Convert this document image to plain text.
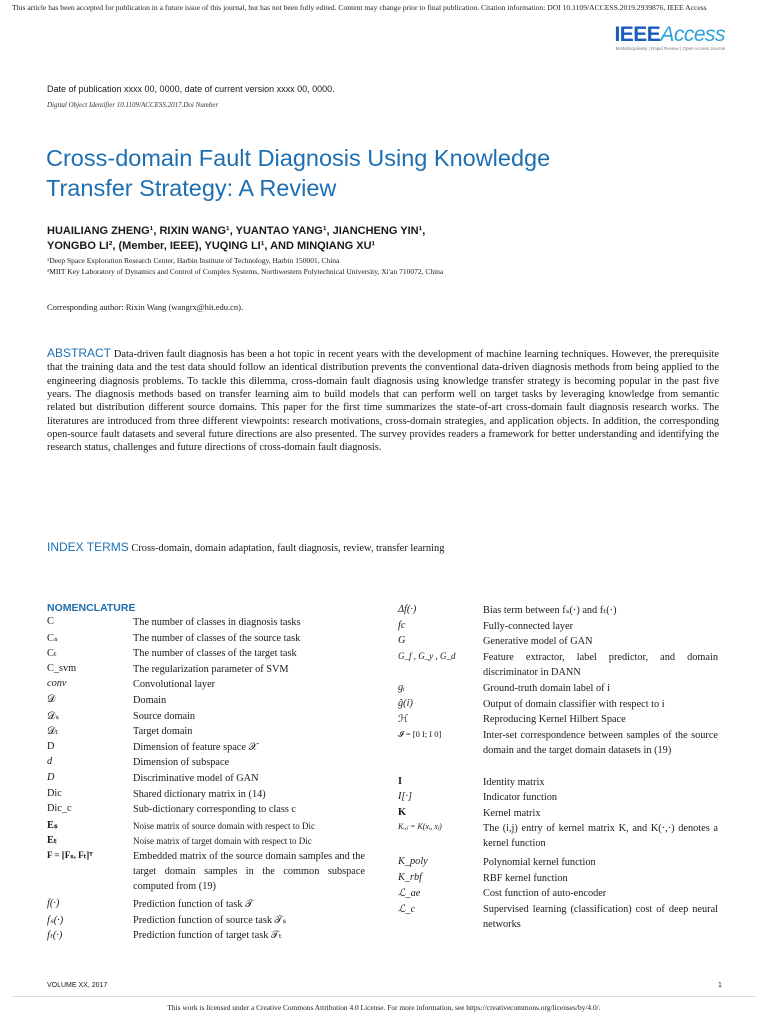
This article has been accepted for publication in a future issue of this journal, but has not been fully edited. Content may change prior to final publication. Citation information: DOI 10.1109/ACCESS.2019.2939876, IEEE Access
IEEEAccess
Multidisciplinary | Rapid Review | Open Access Journal
Date of publication xxxx 00, 0000, date of current version xxxx 00, 0000.
Digital Object Identifier 10.1109/ACCESS.2017.Doi Number
Cross-domain Fault Diagnosis Using Knowledge
Transfer Strategy: A Review
HUAILIANG ZHENG¹, RIXIN WANG¹, YUANTAO YANG¹, JIANCHENG YIN¹,
YONGBO LI², (Member, IEEE), YUQING LI¹, AND MINQIANG XU¹
¹Deep Space Exploration Research Center, Harbin Institute of Technology, Harbin 150001, China
²MIIT Key Laboratory of Dynamics and Control of Complex Systems, Northwestern Polytechnical University, Xi'an 710072, China
Corresponding author: Rixin Wang (wangrx@hit.edu.cn).
ABSTRACT Data-driven fault diagnosis has been a hot topic in recent years with the development of machine learning techniques. However, the prerequisite that the training data and the test data should follow an identical distribution prevents the conventional data-driven diagnosis methods from being applied to the engineering diagnosis problems. To tackle this dilemma, cross-domain fault diagnosis using knowledge transfer strategy is becoming popular in the past five years. The diagnosis methods based on transfer learning aim to build models that can perform well on target tasks by leveraging knowledge from semantic related but distribution different source domains. This paper for the first time summarizes the state-of-art cross-domain fault diagnosis research works. The literatures are introduced from three different viewpoints: research motivations, cross-domain strategies, and application objects. In addition, the corresponding open-source fault datasets and several future directions are also presented. The survey provides readers a framework for better understanding and identifying the research status, challenges and future directions of cross-domain fault diagnosis.
INDEX TERMS Cross-domain, domain adaptation, fault diagnosis, review, transfer learning
NOMENCLATURE
C	The number of classes in diagnosis tasks
Cₛ	The number of classes of the source task
Cₜ	The number of classes of the target task
C_svm	The regularization parameter of SVM
conv	Convolutional layer
𝒟	Domain
𝒟ₛ	Source domain
𝒟ₜ	Target domain
D	Dimension of feature space 𝒳
d	Dimension of subspace
D	Discriminative model of GAN
Dic	Shared dictionary matrix in (14)
Dic_c	Sub-dictionary corresponding to class c
Eₛ	Noise matrix of source domain with respect to Dic
Eₜ	Noise matrix of target domain with respect to Dic
F = [Fₛ, Fₜ]ᵀ	Embedded matrix of the source domain samples and the target domain samples in the common subspace computed from (19)
f(·)	Prediction function of task 𝒯
fₛ(·)	Prediction function of source task 𝒯ₛ
fₜ(·)	Prediction function of target task 𝒯ₜ
Δf(·)	Bias term between fₛ(·) and fₜ(·)
fc	Fully-connected layer
G	Generative model of GAN
G_f , G_y , G_d	Feature extractor, label predictor, and domain discriminator in DANN
gᵢ	Ground-truth domain label of i
ĝ(i)	Output of domain classifier with respect to i
ℋ	Reproducing Kernel Hilbert Space
𝓘 = [0 I; I 0]	Inter-set correspondence between samples of the source domain and the target domain datasets in (19)
I	Identity matrix
I[·]	Indicator function
K	Kernel matrix
Kᵢ,ⱼ = K(xᵢ, xⱼ)	The (i,j) entry of kernel matrix K, and K(·,·) denotes a kernel function
K_poly	Polynomial kernel function
K_rbf	RBF kernel function
ℒ_ae	Cost function of auto-encoder
ℒ_c	Supervised learning (classification) cost of deep neural networks
VOLUME XX, 2017	1
This work is licensed under a Creative Commons Attribution 4.0 License. For more information, see https://creativecommons.org/licenses/by/4.0/.
